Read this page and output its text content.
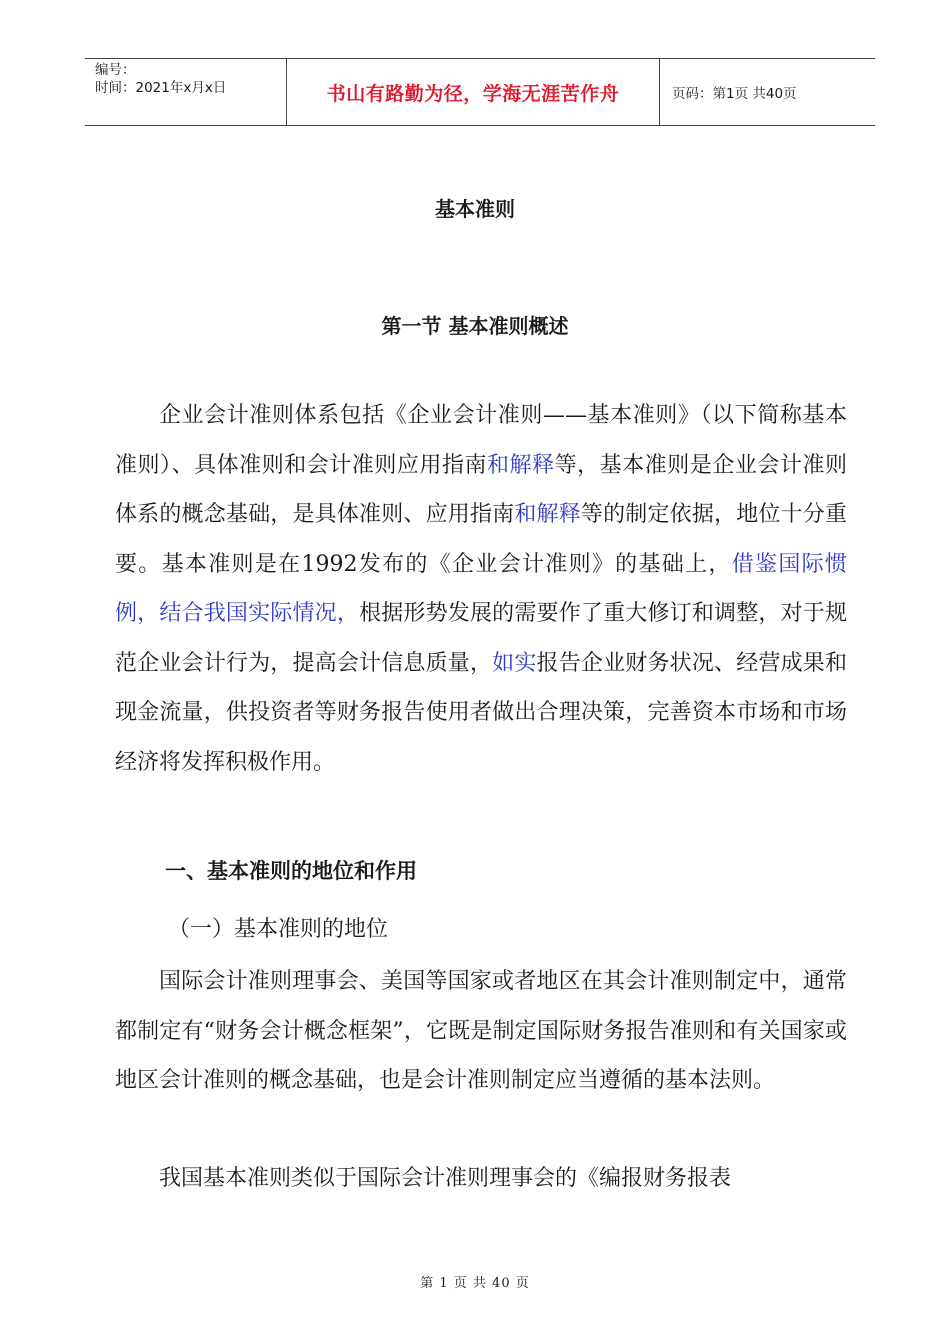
编号：
时间：2021年x月x日	书山有路勤为径，学海无涯苦作舟	页码：第1页 共40页
基本准则
第一节 基本准则概述
企业会计准则体系包括《企业会计准则——基本准则》（以下简称基本准则）、具体准则和会计准则应用指南和解释等，基本准则是企业会计准则体系的概念基础，是具体准则、应用指南和解释等的制定依据，地位十分重要。基本准则是在1992发布的《企业会计准则》的基础上，借鉴国际惯例，结合我国实际情况，根据形势发展的需要作了重大修订和调整，对于规范企业会计行为，提高会计信息质量，如实报告企业财务状况、经营成果和现金流量，供投资者等财务报告使用者做出合理决策，完善资本市场和市场经济将发挥积极作用。
一、基本准则的地位和作用
（一）基本准则的地位
国际会计准则理事会、美国等国家或者地区在其会计准则制定中，通常都制定有“财务会计概念框架”，它既是制定国际财务报告准则和有关国家或地区会计准则的概念基础，也是会计准则制定应当遵循的基本法则。
我国基本准则类似于国际会计准则理事会的《编报财务报表
第 1 页 共 40 页
